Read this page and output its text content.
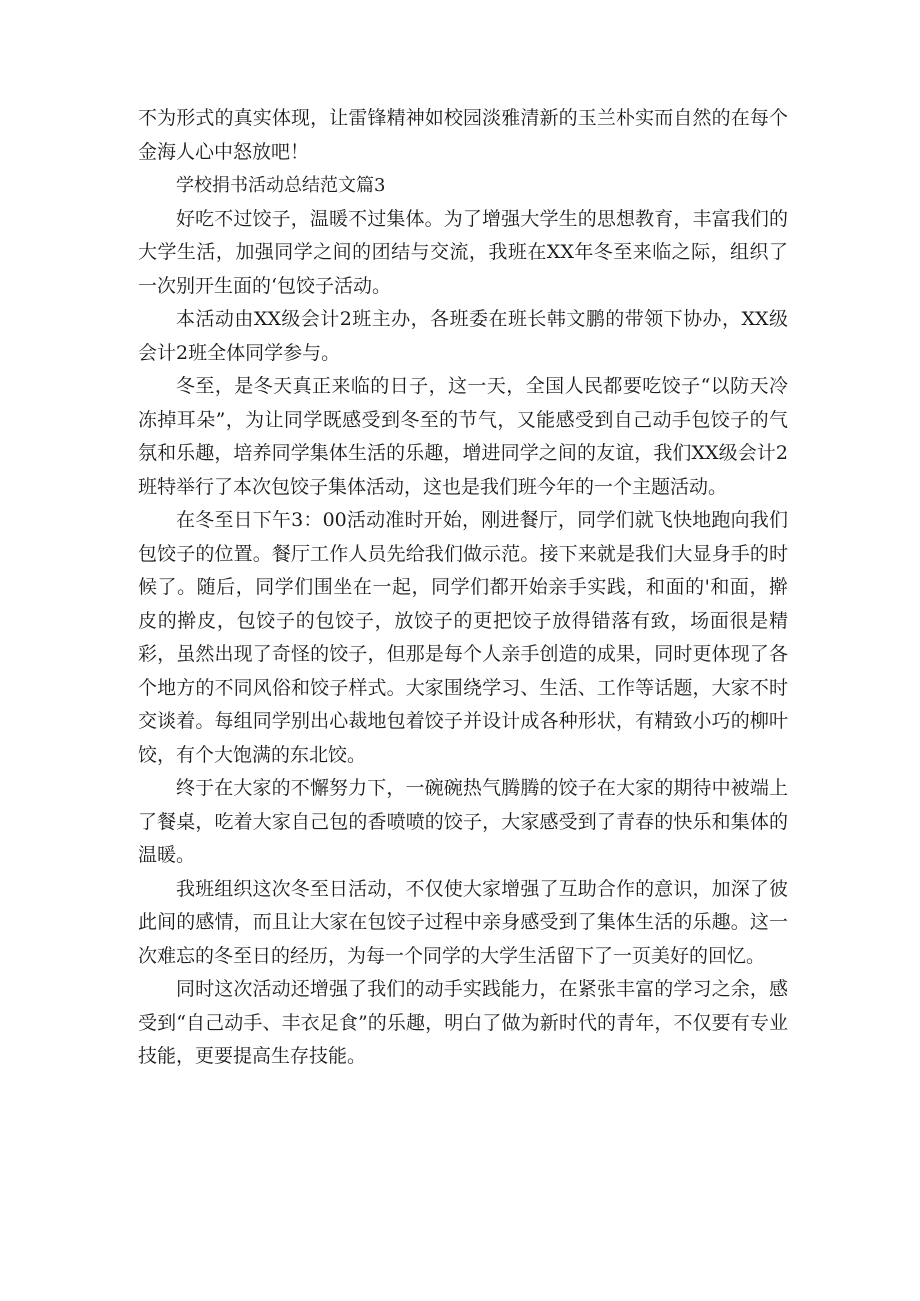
不为形式的真实体现，让雷锋精神如校园淡雅清新的玉兰朴实而自然的在每个金海人心中怒放吧！

学校捐书活动总结范文篇3

好吃不过饺子，温暖不过集体。为了增强大学生的思想教育，丰富我们的大学生活，加强同学之间的团结与交流，我班在XX年冬至来临之际，组织了一次别开生面的‘包饺子活动。

本活动由XX级会计2班主办，各班委在班长韩文鹏的带领下协办，XX级会计2班全体同学参与。

冬至，是冬天真正来临的日子，这一天，全国人民都要吃饺子“以防天冷冻掉耳朵”，为让同学既感受到冬至的节气，又能感受到自己动手包饺子的气氛和乐趣，培养同学集体生活的乐趣，增进同学之间的友谊，我们XX级会计2班特举行了本次包饺子集体活动，这也是我们班今年的一个主题活动。

在冬至日下午3：00活动准时开始，刚进餐厅，同学们就飞快地跑向我们包饺子的位置。餐厅工作人员先给我们做示范。接下来就是我们大显身手的时候了。随后，同学们围坐在一起，同学们都开始亲手实践，和面的'和面，擀皮的擀皮，包饺子的包饺子，放饺子的更把饺子放得错落有致，场面很是精彩，虽然出现了奇怪的饺子，但那是每个人亲手创造的成果，同时更体现了各个地方的不同风俗和饺子样式。大家围绕学习、生活、工作等话题，大家不时交谈着。每组同学别出心裁地包着饺子并设计成各种形状，有精致小巧的柳叶饺，有个大饱满的东北饺。

终于在大家的不懈努力下，一碗碗热气腾腾的饺子在大家的期待中被端上了餐桌，吃着大家自己包的香喷喷的饺子，大家感受到了青春的快乐和集体的温暖。

我班组织这次冬至日活动，不仅使大家增强了互助合作的意识，加深了彼此间的感情，而且让大家在包饺子过程中亲身感受到了集体生活的乐趣。这一次难忘的冬至日的经历，为每一个同学的大学生活留下了一页美好的回忆。

同时这次活动还增强了我们的动手实践能力，在紧张丰富的学习之余，感受到“自己动手、丰衣足食”的乐趣，明白了做为新时代的青年，不仅要有专业技能，更要提高生存技能。
